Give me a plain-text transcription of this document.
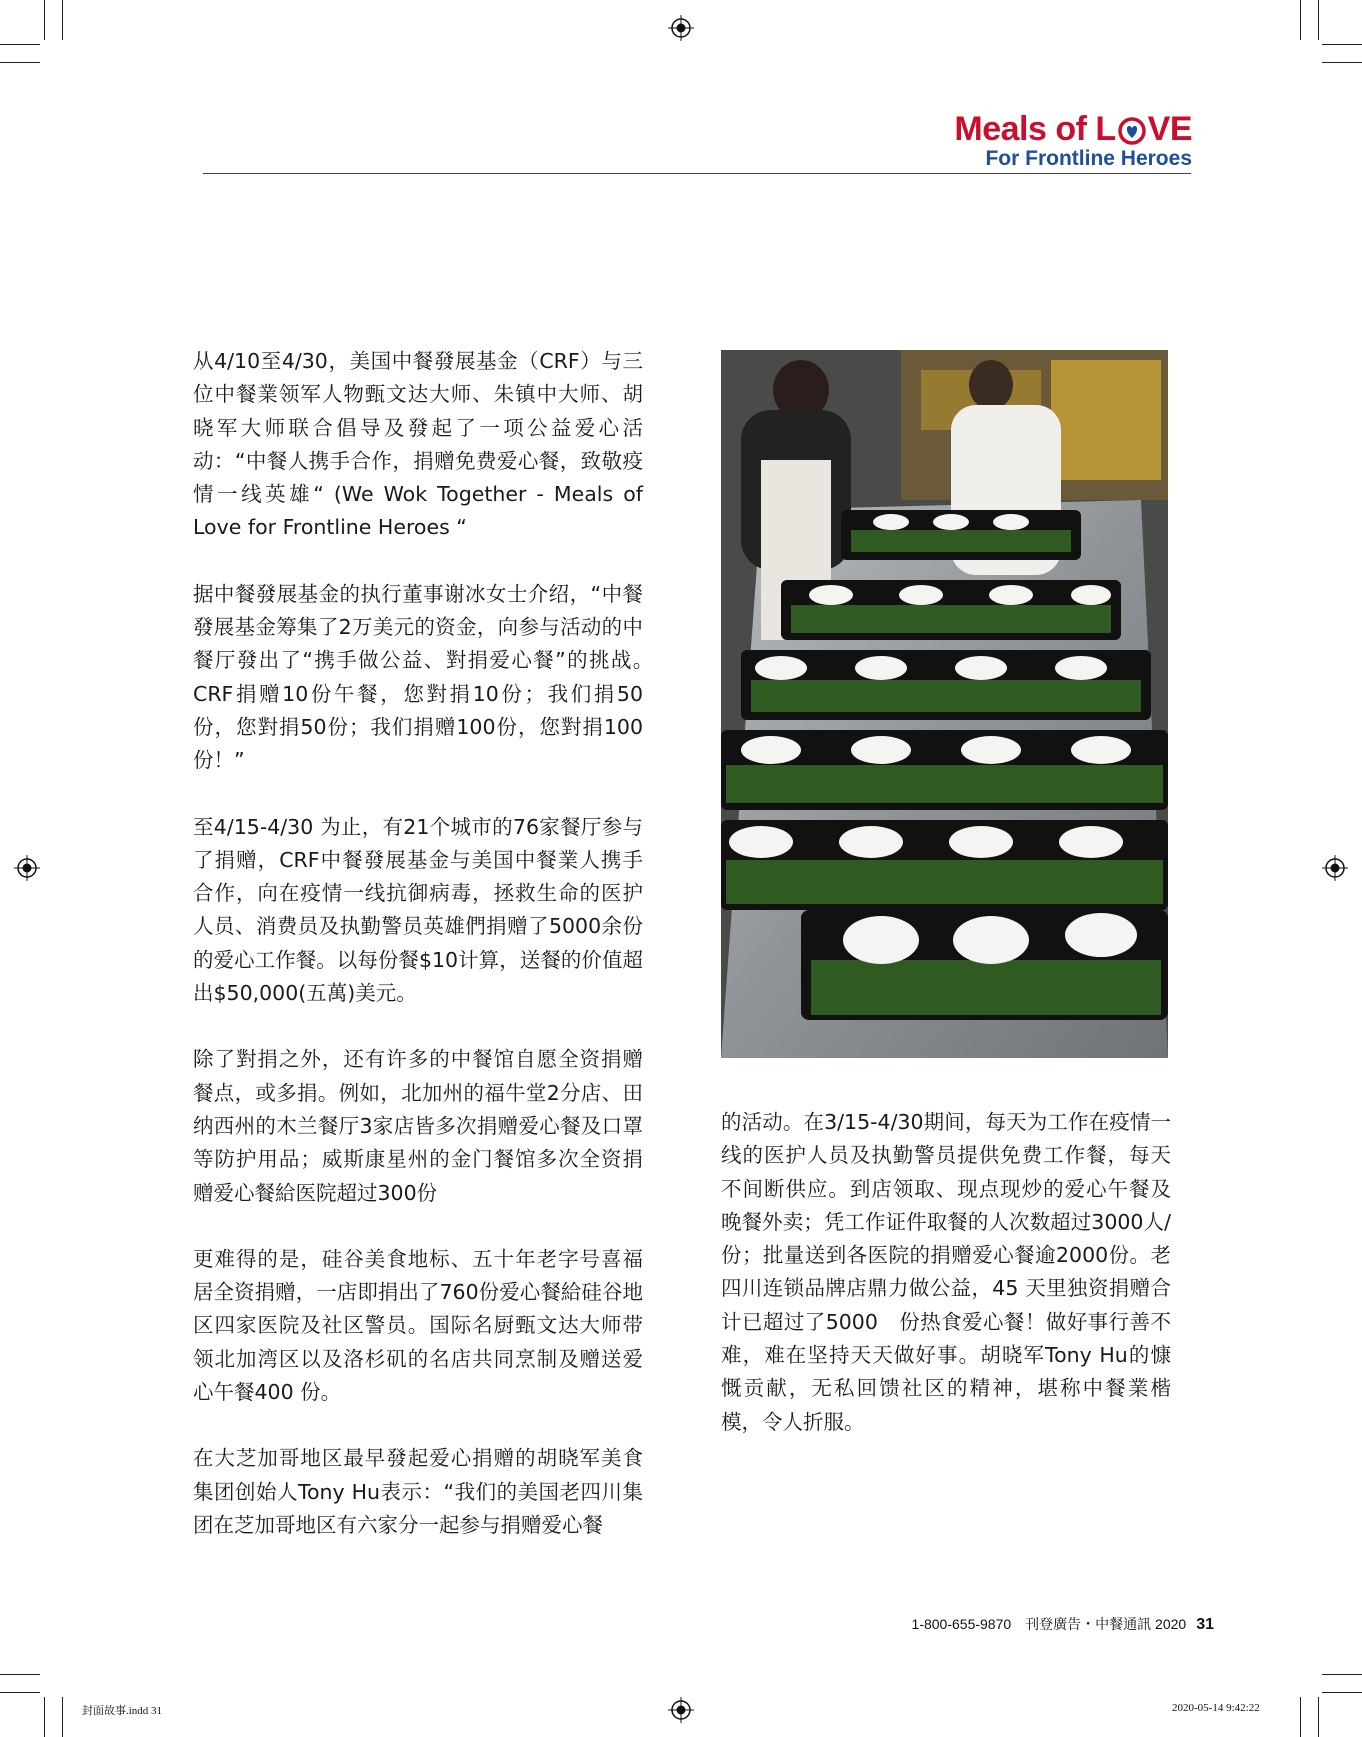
Meals of L VE
For Frontline Heroes

从4/10至4/30，美国中餐發展基金（CRF）与三位中餐業领军人物甄文达大师、朱镇中大师、胡晓军大师联合倡导及發起了一项公益爱心活动：“中餐人携手合作，捐赠免费爱心餐，致敬疫情一线英雄“ (We Wok Together - Meals of Love for Frontline Heroes “

据中餐發展基金的执行董事谢冰女士介绍，“中餐發展基金筹集了2万美元的资金，向参与活动的中餐厅發出了“携手做公益、對捐爱心餐”的挑战。　CRF捐赠10份午餐，您對捐10份；我们捐50 份，您對捐50份；我们捐赠100份，您對捐100份！”

至4/15-4/30 为止，有21个城市的76家餐厅参与了捐赠，CRF中餐發展基金与美国中餐業人携手合作，向在疫情一线抗御病毒，拯救生命的医护人员、消费员及执勤警员英雄們捐赠了5000余份的爱心工作餐。以每份餐$10计算，送餐的价值超出$50,000(五萬)美元。

除了對捐之外，还有许多的中餐馆自愿全资捐赠餐点，或多捐。例如，北加州的福牛堂2分店、田纳西州的木兰餐厅3家店皆多次捐赠爱心餐及口罩等防护用品；威斯康星州的金门餐馆多次全资捐赠爱心餐給医院超过300份

更难得的是，硅谷美食地标、五十年老字号喜福居全资捐赠，一店即捐出了760份爱心餐給硅谷地区四家医院及社区警员。国际名厨甄文达大师带领北加湾区以及洛杉矶的名店共同烹制及赠送爱心午餐400 份。

在大芝加哥地区最早發起爱心捐赠的胡晓军美食集团创始人Tony Hu表示：“我们的美国老四川集团在芝加哥地区有六家分一起参与捐赠爱心餐

的活动。在3/15-4/30期间，每天为工作在疫情一线的医护人员及执勤警员提供免费工作餐，每天不间断供应。到店领取、现点现炒的爱心午餐及晚餐外卖；凭工作证件取餐的人次数超过3000人/份；批量送到各医院的捐赠爱心餐逾2000份。老四川连锁品牌店鼎力做公益，45 天里独资捐赠合计已超过了5000　份热食爱心餐！做好事行善不难，难在坚持天天做好事。胡晓军Tony Hu的慷慨贡献，无私回馈社区的精神，堪称中餐業楷模，令人折服。

1-800-655-9870　刊登廣告・中餐通訊 2020 31
封面故事.indd 31	2020-05-14 9:42:22
